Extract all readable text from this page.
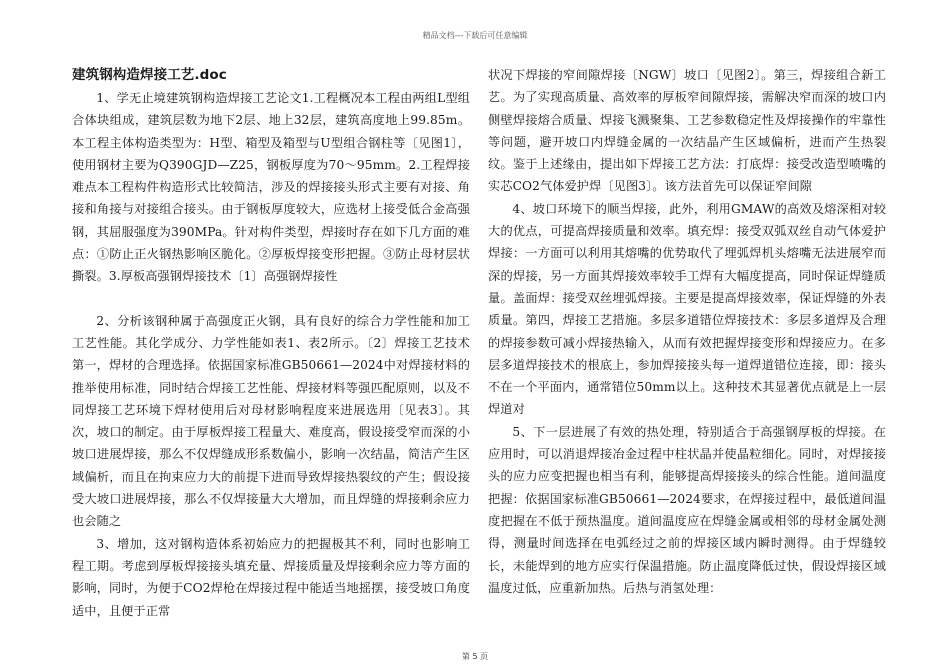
精品文档---下载后可任意编辑
建筑钢构造焊接工艺.doc

1、学无止境建筑钢构造焊接工艺论文1.工程概况本工程由两组L型组合体块组成，建筑层数为地下2层、地上32层，建筑高度地上99.85m。本工程主体构造类型为：H型、箱型及箱型与U型组合钢柱等〔见图1〕，使用钢材主要为Q390GJD—Z25，钢板厚度为70～95mm。2.工程焊接难点本工程构件构造形式比较简洁，涉及的焊接接头形式主要有对接、角接和角接与对接组合接头。由于钢板厚度较大，应选材上接受低合金高强钢，其屈服强度为390MPa。针对构件类型，焊接时存在如下几方面的难点：①防止正火钢热影响区脆化。②厚板焊接变形把握。③防止母材层状撕裂。3.厚板高强钢焊接技术〔1〕高强钢焊接性

2、分析该钢种属于高强度正火钢，具有良好的综合力学性能和加工工艺性能。其化学成分、力学性能如表1、表2所示。〔2〕焊接工艺技术第一，焊材的合理选择。依据国家标准GB50661—2024中对焊接材料的推举使用标准，同时结合焊接工艺性能、焊接材料等强匹配原则，以及不同焊接工艺环境下焊材使用后对母材影响程度来进展选用〔见表3〕。其次，坡口的制定。由于厚板焊接工程量大、难度高，假设接受窄而深的小坡口进展焊接，那么不仅焊缝成形系数偏小，影响一次结晶，简洁产生区域偏析，而且在拘束应力大的前提下进而导致焊接热裂纹的产生；假设接受大坡口进展焊接，那么不仅焊接量大大增加，而且焊缝的焊接剩余应力也会随之

3、增加，这对钢构造体系初始应力的把握极其不利，同时也影响工程工期。考虑到厚板焊接接头填充量、焊接质量及焊接剩余应力等方面的影响，同时，为便于CO2焊枪在焊接过程中能适当地摇摆，接受坡口角度适中，且便于正常

状况下焊接的窄间隙焊接〔NGW〕坡口〔见图2〕。第三，焊接组合新工艺。为了实现高质量、高效率的厚板窄间隙焊接，需解决窄而深的坡口内侧壁焊接熔合质量、焊接飞溅聚集、工艺参数稳定性及焊接操作的牢靠性等问题，避开坡口内焊缝金属的一次结晶产生区域偏析，进而产生热裂纹。鉴于上述缘由，提出如下焊接工艺方法：打底焊：接受改造型喷嘴的实芯CO2气体爱护焊〔见图3〕。该方法首先可以保证窄间隙

4、坡口环境下的顺当焊接，此外，利用GMAW的高效及熔深相对较大的优点，可提高焊接质量和效率。填充焊：接受双弧双丝自动气体爱护焊接：一方面可以利用其熔嘴的优势取代了埋弧焊机头熔嘴无法进展窄而深的焊接，另一方面其焊接效率较手工焊有大幅度提高，同时保证焊缝质量。盖面焊：接受双丝埋弧焊接。主要是提高焊接效率，保证焊缝的外表质量。第四，焊接工艺措施。多层多道错位焊接技术：多层多道焊及合理的焊接参数可减小焊接热输入，从而有效把握焊接变形和焊接应力。在多层多道焊接技术的根底上，参加焊接接头每一道焊道错位连接，即：接头不在一个平面内，通常错位50mm以上。这种技术其显著优点就是上一层焊道对

5、下一层进展了有效的热处理，特别适合于高强钢厚板的焊接。在应用时，可以消退焊接冶金过程中柱状晶并使晶粒细化。同时，对焊接接头的应力应变把握也相当有利，能够提高焊接接头的综合性能。道间温度把握：依据国家标准GB50661—2024要求，在焊接过程中，最低道间温度把握在不低于预热温度。道间温度应在焊缝金属或相邻的母材金属处测得，测量时间选择在电弧经过之前的焊接区域内瞬时测得。由于焊缝较长，未能焊到的地方应实行保温措施。防止温度降低过快，假设焊接区域温度过低，应重新加热。后热与消氢处理：

第 5 页
